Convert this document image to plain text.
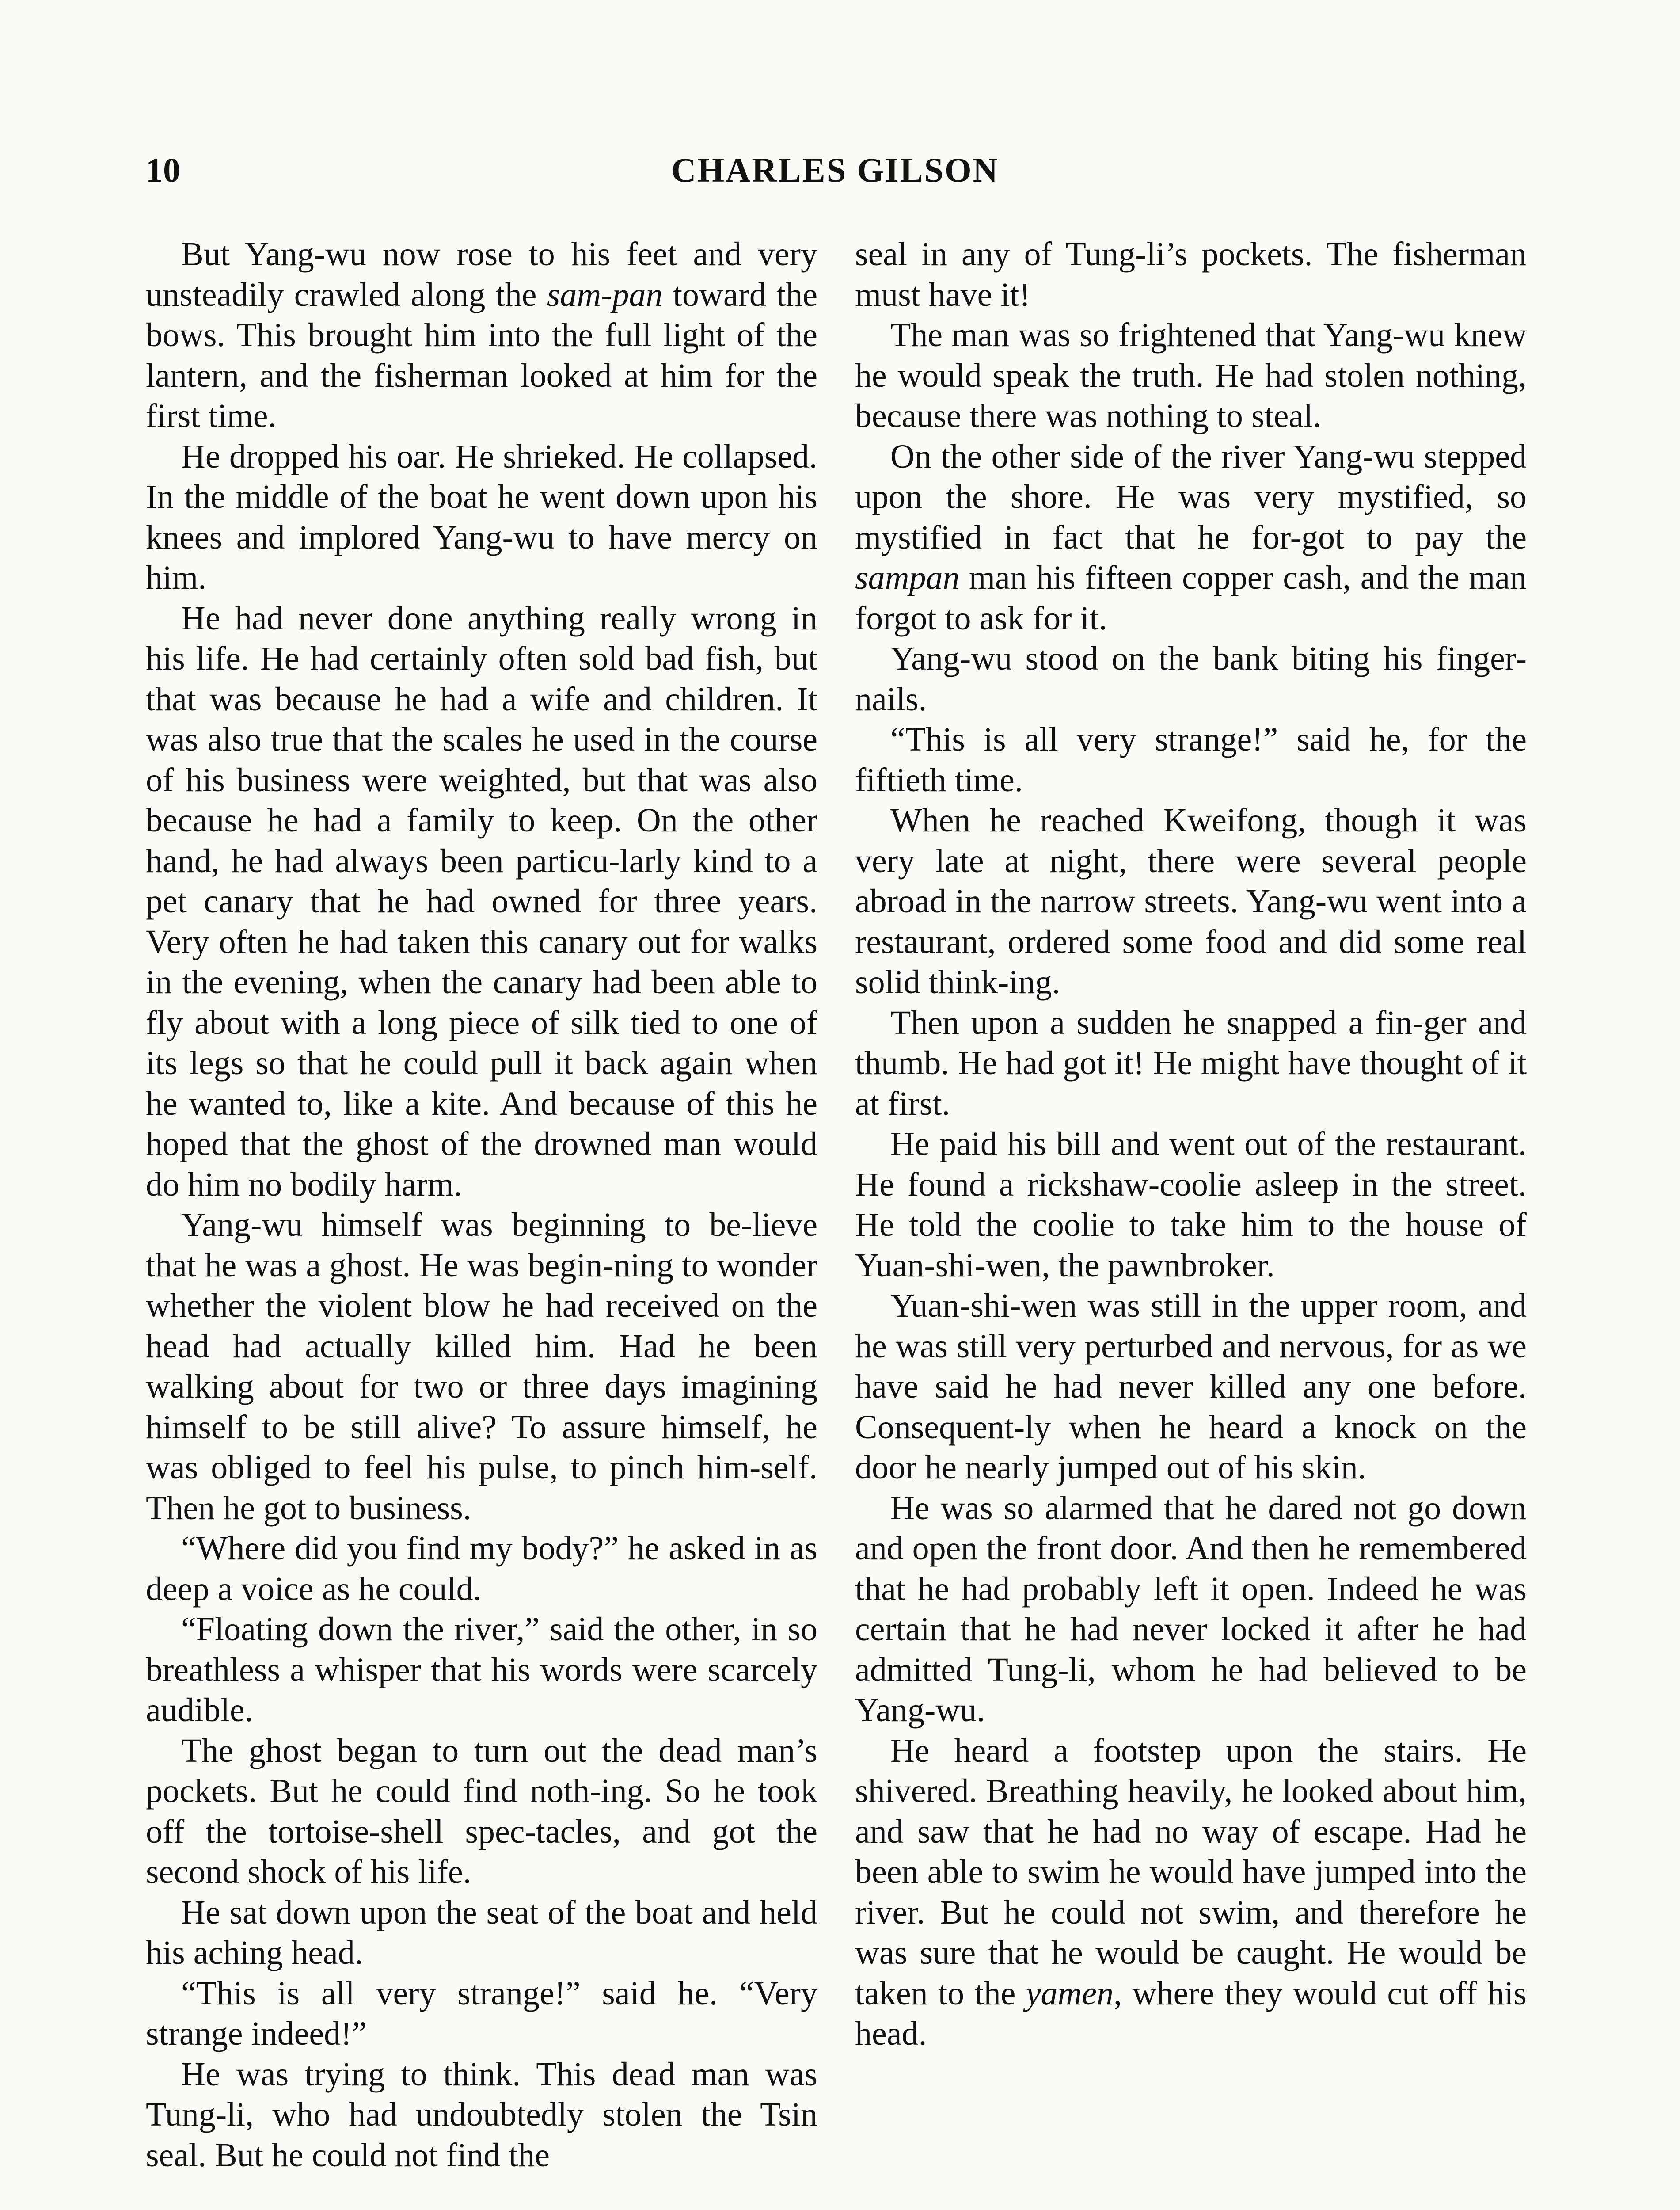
10	CHARLES GILSON

But Yang-wu now rose to his feet and very unsteadily crawled along the sam-pan toward the bows. This brought him into the full light of the lantern, and the fisherman looked at him for the first time.

He dropped his oar. He shrieked. He collapsed. In the middle of the boat he went down upon his knees and implored Yang-wu to have mercy on him.

He had never done anything really wrong in his life. He had certainly often sold bad fish, but that was because he had a wife and children. It was also true that the scales he used in the course of his business were weighted, but that was also because he had a family to keep. On the other hand, he had always been particu-larly kind to a pet canary that he had owned for three years. Very often he had taken this canary out for walks in the evening, when the canary had been able to fly about with a long piece of silk tied to one of its legs so that he could pull it back again when he wanted to, like a kite. And because of this he hoped that the ghost of the drowned man would do him no bodily harm.

Yang-wu himself was beginning to be-lieve that he was a ghost. He was begin-ning to wonder whether the violent blow he had received on the head had actually killed him. Had he been walking about for two or three days imagining himself to be still alive? To assure himself, he was obliged to feel his pulse, to pinch him-self. Then he got to business.

“Where did you find my body?” he asked in as deep a voice as he could.

“Floating down the river,” said the other, in so breathless a whisper that his words were scarcely audible.

The ghost began to turn out the dead man’s pockets. But he could find noth-ing. So he took off the tortoise-shell spec-tacles, and got the second shock of his life.

He sat down upon the seat of the boat and held his aching head.

“This is all very strange!” said he. “Very strange indeed!”

He was trying to think. This dead man was Tung-li, who had undoubtedly stolen the Tsin seal. But he could not find the

seal in any of Tung-li’s pockets. The fisherman must have it!

The man was so frightened that Yang-wu knew he would speak the truth. He had stolen nothing, because there was nothing to steal.

On the other side of the river Yang-wu stepped upon the shore. He was very mystified, so mystified in fact that he for-got to pay the sampan man his fifteen copper cash, and the man forgot to ask for it.

Yang-wu stood on the bank biting his finger-nails.

“This is all very strange!” said he, for the fiftieth time.

When he reached Kweifong, though it was very late at night, there were several people abroad in the narrow streets. Yang-wu went into a restaurant, ordered some food and did some real solid think-ing.

Then upon a sudden he snapped a fin-ger and thumb. He had got it! He might have thought of it at first.

He paid his bill and went out of the restaurant. He found a rickshaw-coolie asleep in the street. He told the coolie to take him to the house of Yuan-shi-wen, the pawnbroker.

Yuan-shi-wen was still in the upper room, and he was still very perturbed and nervous, for as we have said he had never killed any one before. Consequent-ly when he heard a knock on the door he nearly jumped out of his skin.

He was so alarmed that he dared not go down and open the front door. And then he remembered that he had probably left it open. Indeed he was certain that he had never locked it after he had admitted Tung-li, whom he had believed to be Yang-wu.

He heard a footstep upon the stairs. He shivered. Breathing heavily, he looked about him, and saw that he had no way of escape. Had he been able to swim he would have jumped into the river. But he could not swim, and therefore he was sure that he would be caught. He would be taken to the yamen, where they would cut off his head.
